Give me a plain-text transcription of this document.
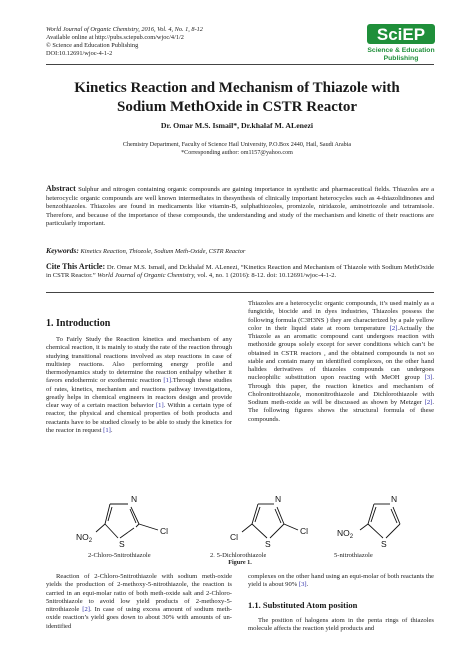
World Journal of Organic Chemistry, 2016, Vol. 4, No. 1, 8-12
Available online at http://pubs.sciepub.com/wjoc/4/1/2
© Science and Education Publishing
DOI:10.12691/wjoc-4-1-2
SciEP
Science & Education
Publishing
Kinetics Reaction and Mechanism of Thiazole with
Sodium MethOxide in CSTR Reactor
Dr. Omar M.S. Ismail*, Dr.khalaf M. ALenezi
Chemistry Department, Faculty of Science Hail University, P.O.Box 2440, Hail, Saudi Arabia
*Corresponding author: om1157@yahoo.com
Abstract Sulphur and nitrogen containing organic compounds are gaining importance in synthetic and pharmaceutical fields. Thiazoles are a heterocyclic organic compounds are well known intermediates in thesynthesis of clinically important heterocycles such as 4-thiazolidinones and benzothiazoles. Thiazoles are found in medicaments like vitamin-B, sulphathiozoles, promizole, niridazole, aminotriozole and tetramisole. Therefore, and because of the importance of these compounds, the understanding and study of the mechanism and kinetic of their reactions are particularly important.
Keywords: Kinetics Reaction, Thiozole, Sodium Meth-Oxide, CSTR Reactor
Cite This Article: Dr. Omar M.S. Ismail, and Dr.khalaf M. ALenezi, “Kinetics Reaction and Mechanism of Thiazole with Sodium MethOxide in CSTR Reactor.” World Journal of Organic Chemistry, vol. 4, no. 1 (2016): 8-12. doi: 10.12691/wjoc-4-1-2.
1. Introduction
To Fairly Study the Reaction kinetics and mechanism of any chemical reaction, it is mainly to study the rate of the reaction through studying transitional reactions involved as step reactions in case of multistep reactions. Also performing energy profile and thermodynamics study to determine the reaction enthalpy whether it favors endothermic or exothermic reaction [1].Through these studies of rates, kinetics, mechanism and reactions pathway investigations, greatly helps in chemical engineers in reactors design and provide clear way of a certain reaction behavior [1]. Within a certain type of reactor, the physical and chemical properties of both products and reactants have to be studied closely to be able to study the kinetics for the reactor in request [1].
Thiazoles are a heterocyclic organic compounds, it’s used mainly as a fungicide, biocide and in dyes industries, Thiazoles possess the following formula (C3H3NS ) they are characterized by a pale yellow color in their liquid state at room temperature [2].Actually the Thiazole as an aromatic compound cant undergoes reaction with methoxide groups solely except for sever conditions which can’t be obtained in CSTR reactors , and the obtained compounds is not so stable and contain many un identified complexes, on the other hand halides derivatives of thiazoles compounds can undergoes nucleophilic substitution upon reacting with MeOH group [3]. Through this paper, the reaction kinetics and mechanism of Cholronitrothiazole, mononitrothiazole and Dichlorothiazole with Sodium meth-oxide as will be discussed as shown by Metzger [2]. The following figures shows the structural formula of these compounds.
N
S
Cl
$NO_2$
N
S
Cl
Cl
N
S
$NO_2$
2-Chloro-5nitrothiazole	2, 5-Dichlorothiazole	5-nitrothiazole
Figure 1.
Reaction of 2-Chloro-5nitrothiazole with sodium meth-oxide yields the production of 2-methoxy-5-nitrothiazole, the reaction is carried in an equi-molar ratio of both meth-oxide salt and 2-Chloro-5nitrothiazole to avoid low yield products of 2-methoxy-5-nitrothiazole [2]. In case of using excess amount of sodium meth-oxide reaction’s yield goes down to about 30% with amounts of un-identified
complexes on the other hand using an equi-molar of both reactants the yield is about 90% [3].
1.1. Substituted Atom position
The position of halogens atom in the penta rings of thiazoles molecule affects the reaction yield products and
